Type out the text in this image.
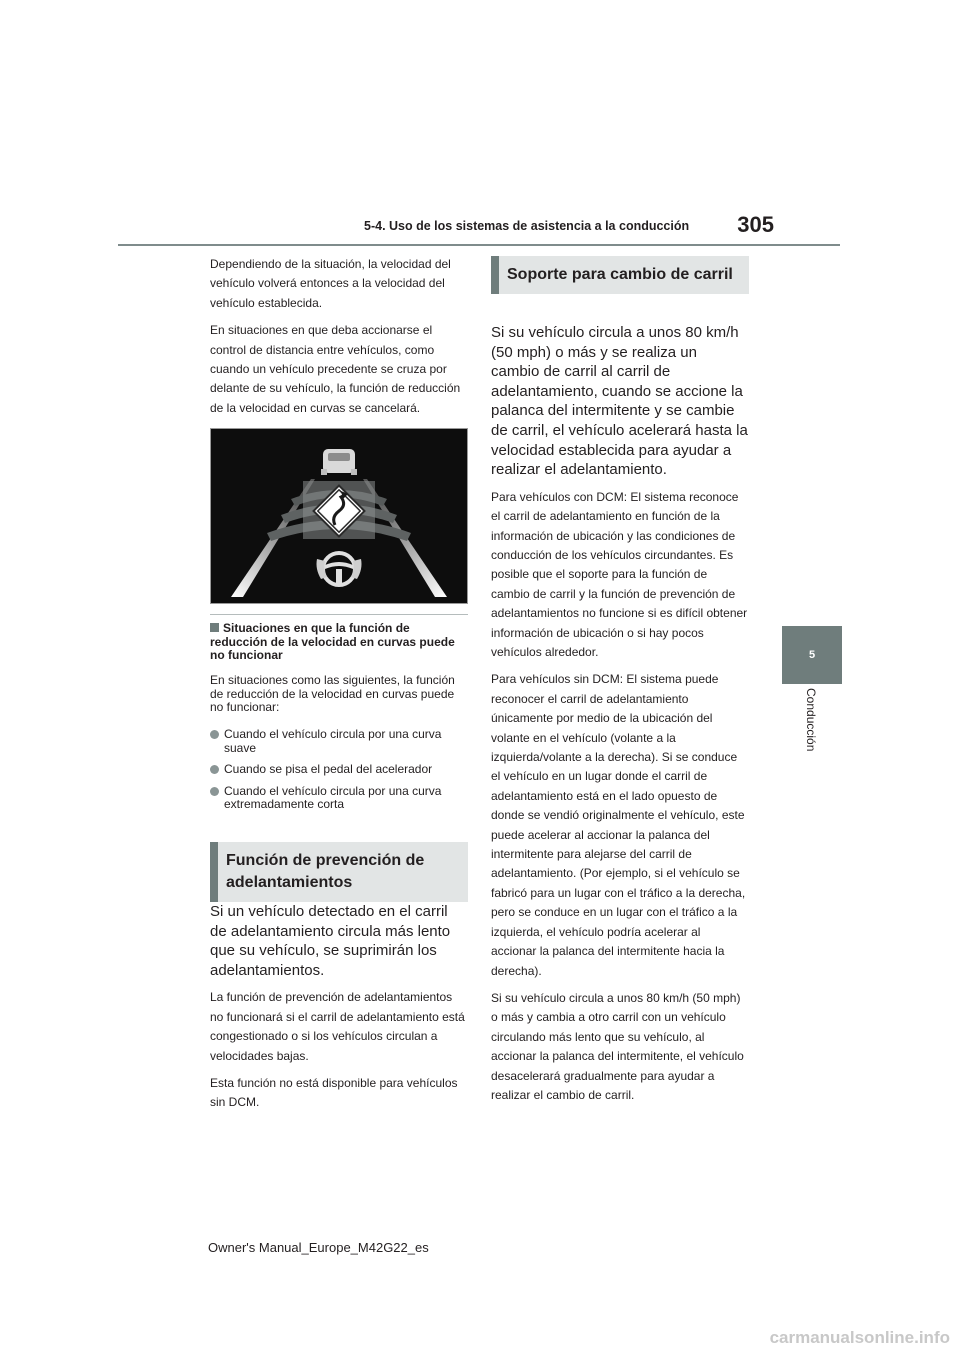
5-4. Uso de los sistemas de asistencia a la conducción	305
5
Conducción

Dependiendo de la situación, la velocidad del vehículo volverá entonces a la velocidad del vehículo establecida.

En situaciones en que deba accionarse el control de distancia entre vehículos, como cuando un vehículo precedente se cruza por delante de su vehículo, la función de reducción de la velocidad en curvas se cancelará.

Situaciones en que la función de reducción de la velocidad en curvas puede no funcionar
En situaciones como las siguientes, la función de reducción de la velocidad en curvas puede no funcionar:
Cuando el vehículo circula por una curva suave
Cuando se pisa el pedal del acelerador
Cuando el vehículo circula por una curva extremadamente corta
Función de prevención de adelantamientos

Si un vehículo detectado en el carril de adelantamiento circula más lento que su vehículo, se suprimirán los adelantamientos.

La función de prevención de adelantamientos no funcionará si el carril de adelantamiento está congestionado o si los vehículos circulan a velocidades bajas.

Esta función no está disponible para vehículos sin DCM.

Soporte para cambio de carril

Si su vehículo circula a unos 80 km/h (50 mph) o más y se realiza un cambio de carril al carril de adelantamiento, cuando se accione la palanca del intermitente y se cambie de carril, el vehículo acelerará hasta la velocidad establecida para ayudar a realizar el adelantamiento.

Para vehículos con DCM: El sistema reconoce el carril de adelantamiento en función de la información de ubicación y las condiciones de conducción de los vehículos circundantes. Es posible que el soporte para la función de cambio de carril y la función de prevención de adelantamientos no funcione si es difícil obtener información de ubicación o si hay pocos vehículos alrededor.

Para vehículos sin DCM: El sistema puede reconocer el carril de adelantamiento únicamente por medio de la ubicación del volante en el vehículo (volante a la izquierda/volante a la derecha). Si se conduce el vehículo en un lugar donde el carril de adelantamiento está en el lado opuesto de donde se vendió originalmente el vehículo, este puede acelerar al accionar la palanca del intermitente para alejarse del carril de adelantamiento. (Por ejemplo, si el vehículo se fabricó para un lugar con el tráfico a la derecha, pero se conduce en un lugar con el tráfico a la izquierda, el vehículo podría acelerar al accionar la palanca del intermitente hacia la derecha).

Si su vehículo circula a unos 80 km/h (50 mph) o más y cambia a otro carril con un vehículo circulando más lento que su vehículo, al accionar la palanca del intermitente, el vehículo desacelerará gradualmente para ayudar a realizar el cambio de carril.

Owner's Manual_Europe_M42G22_es
carmanualsonline.info
